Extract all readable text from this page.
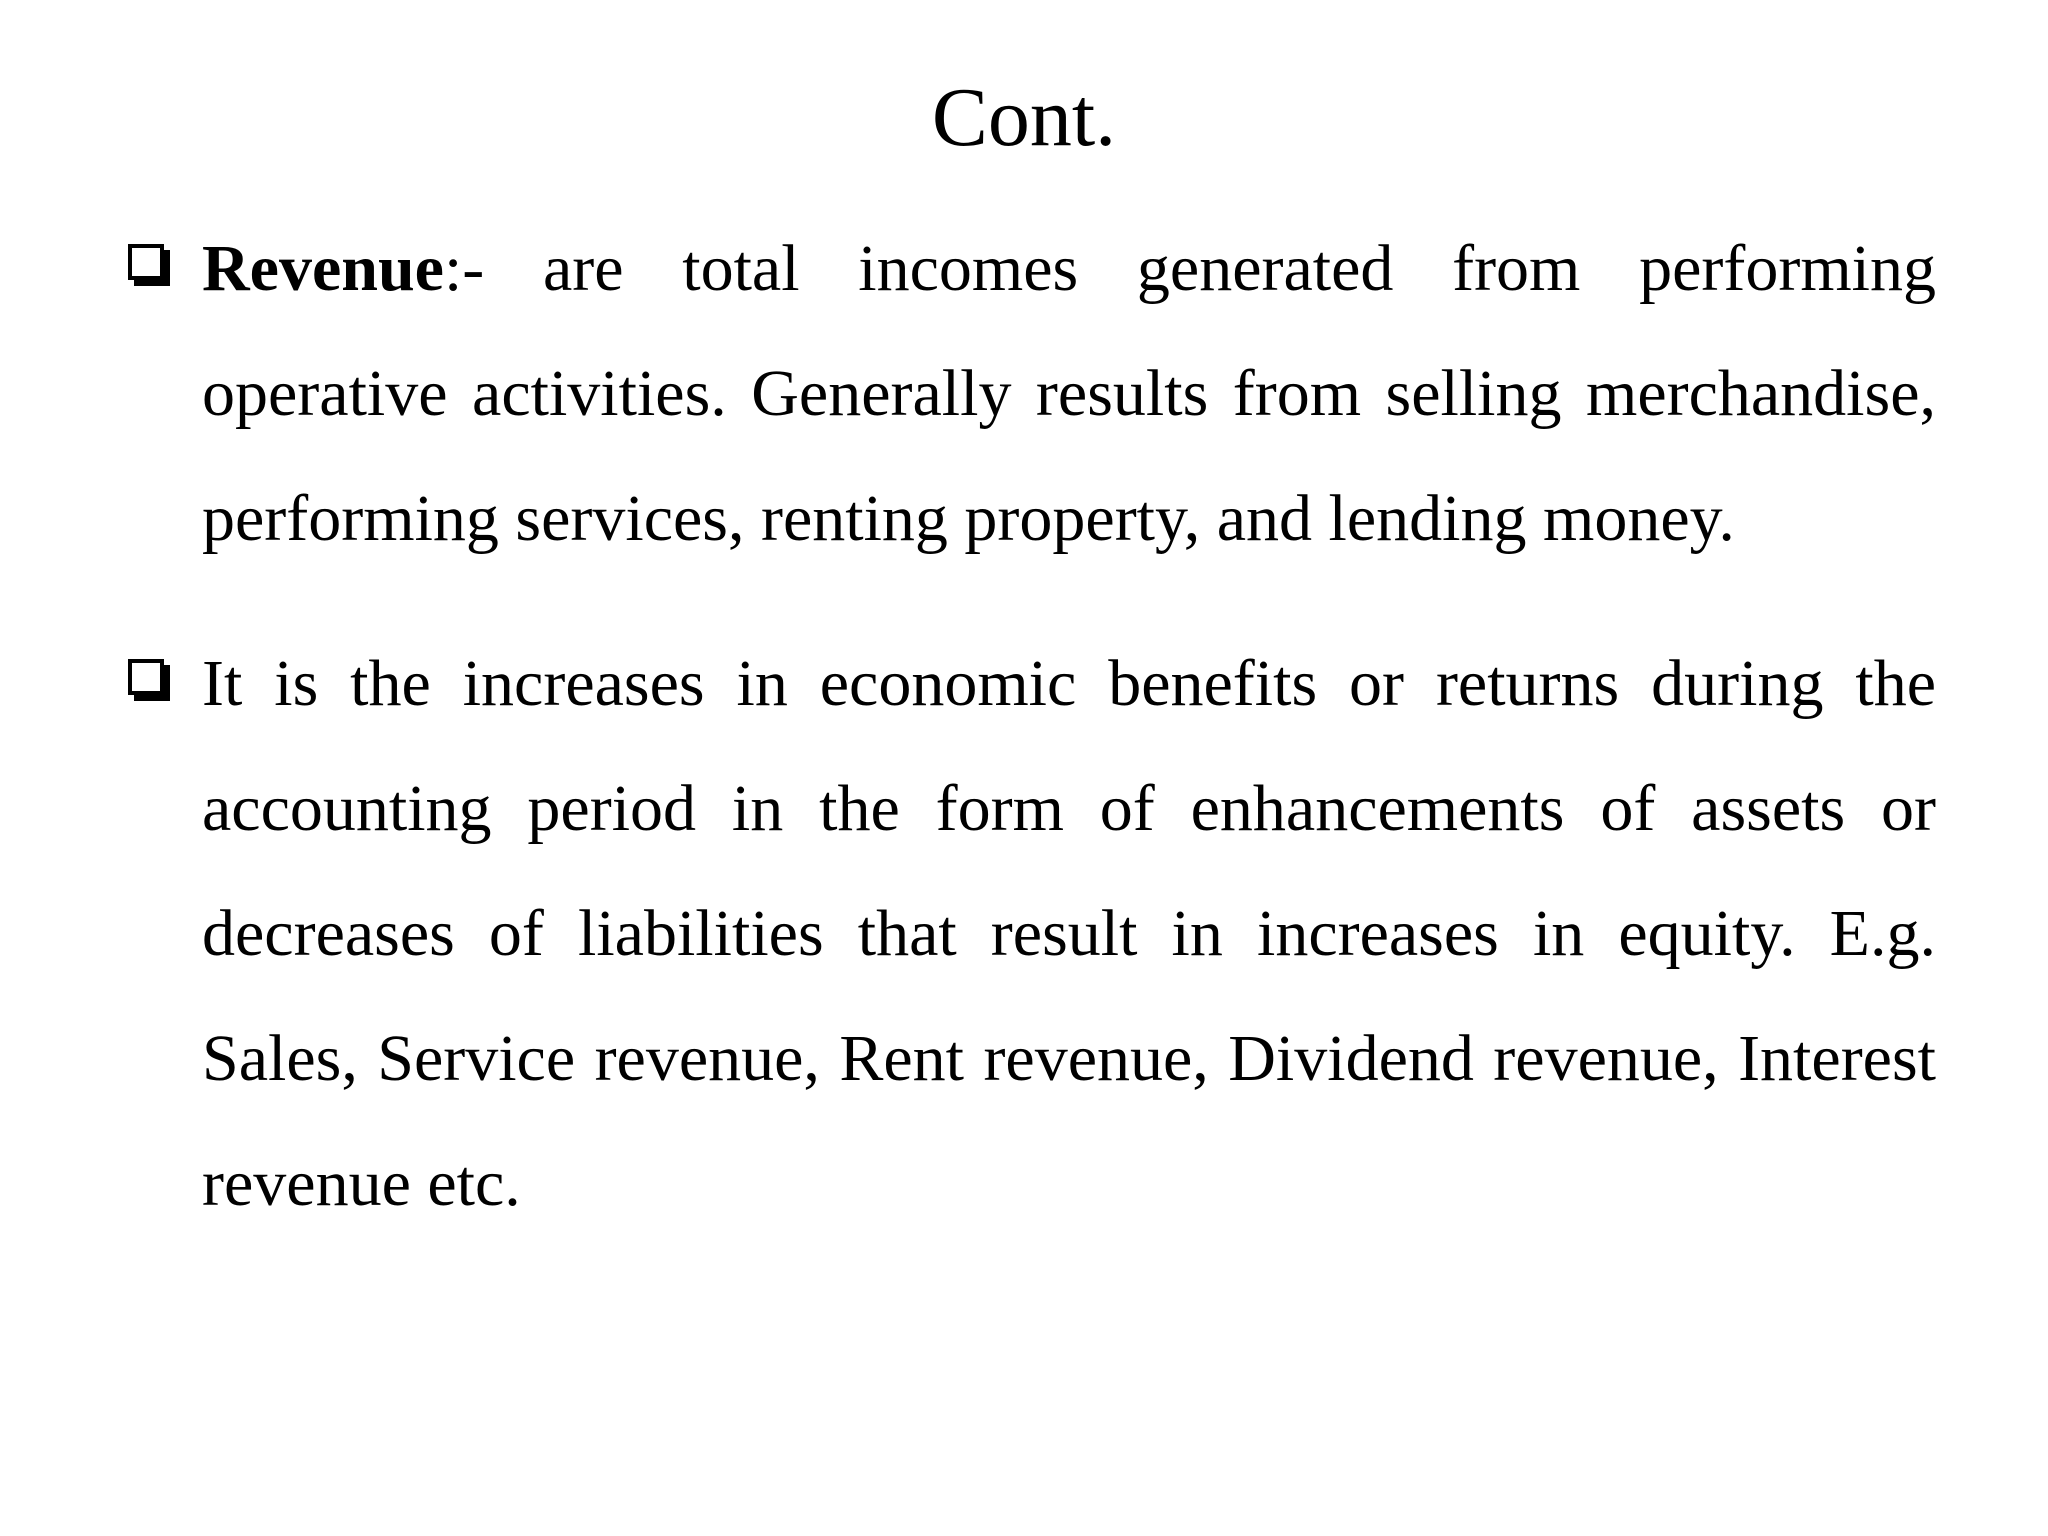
Cont.
Revenue:- are total incomes generated from performing operative activities. Generally results from selling merchandise, performing services, renting property, and lending money.
It is the increases in economic benefits or returns during the accounting period in the form of enhancements of assets or decreases of liabilities that result in increases in equity. E.g. Sales, Service revenue, Rent revenue, Dividend revenue, Interest revenue etc.
